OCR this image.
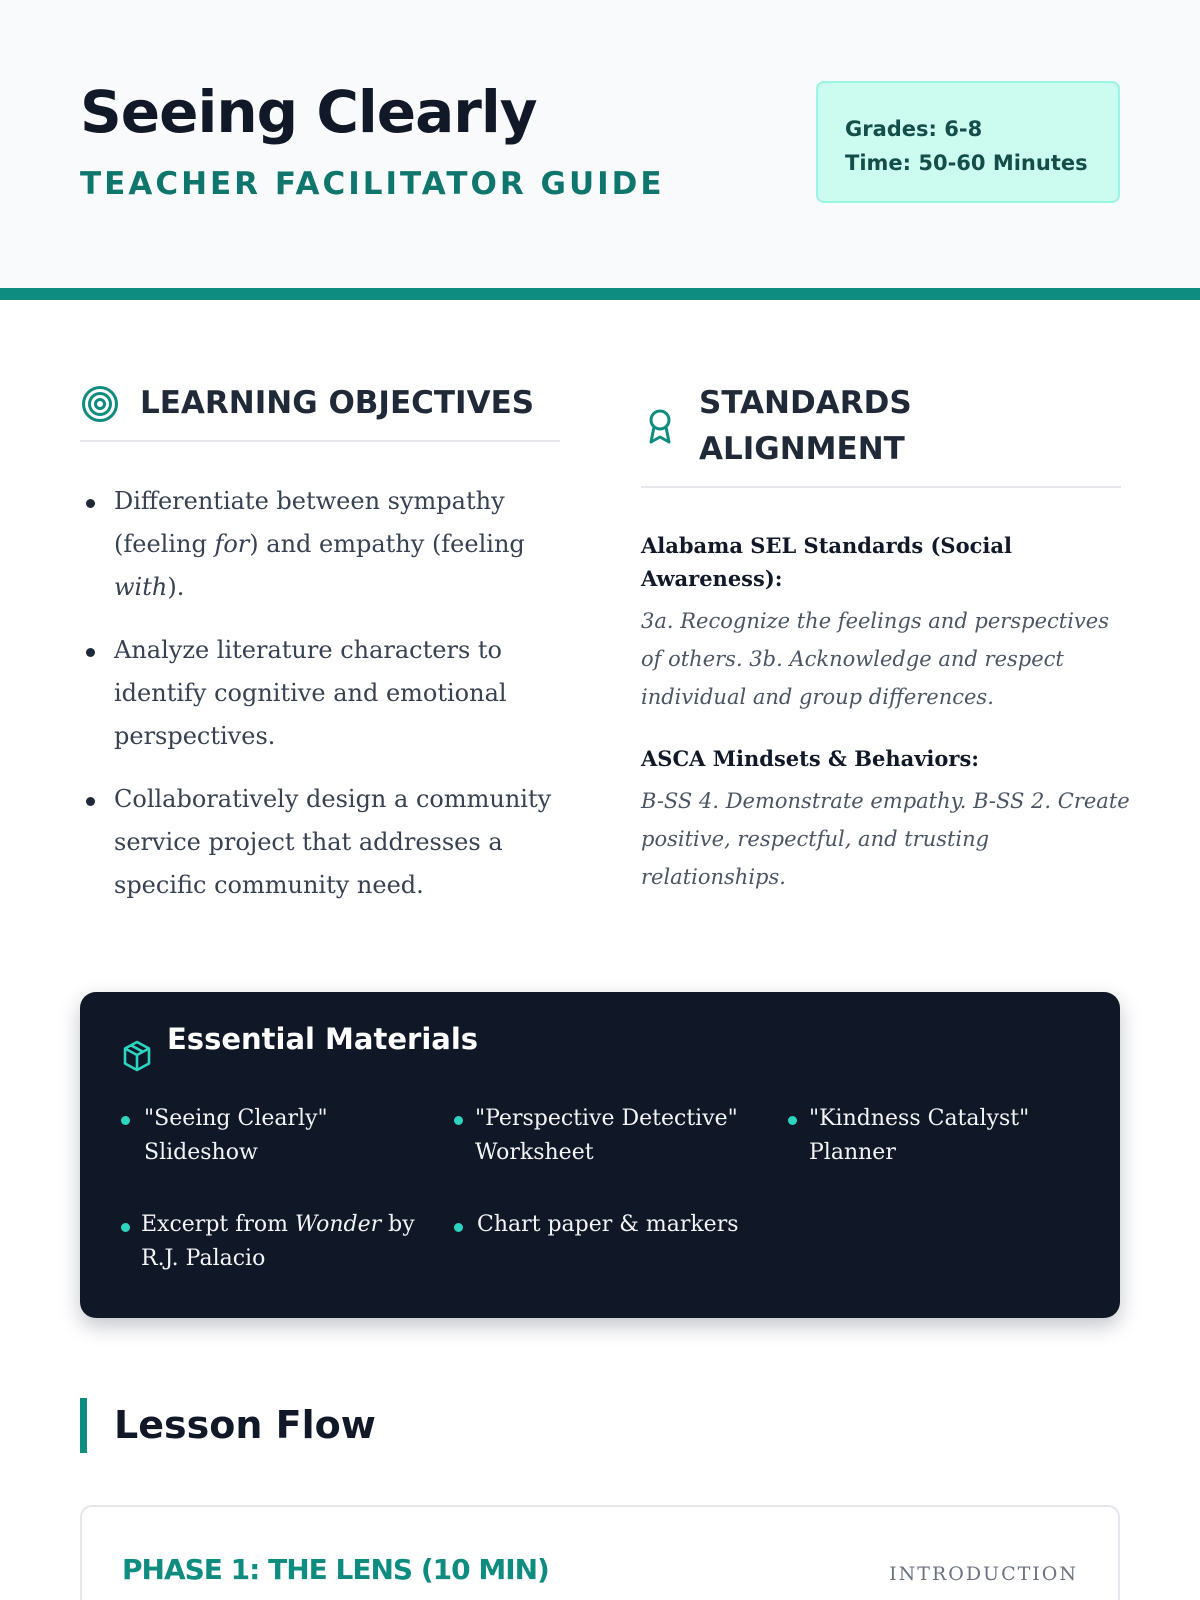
Seeing Clearly
TEACHER FACILITATOR GUIDE
Grades: 6-8
Time: 50-60 Minutes
LEARNING OBJECTIVES
Differentiate between sympathy (feeling for) and empathy (feeling with).
Analyze literature characters to identify cognitive and emotional perspectives.
Collaboratively design a community service project that addresses a specific community need.
STANDARDS
ALIGNMENT
Alabama SEL Standards (Social Awareness):
3a. Recognize the feelings and perspectives of others. 3b. Acknowledge and respect individual and group differences.
ASCA Mindsets & Behaviors:
B-SS 4. Demonstrate empathy. B-SS 2. Create positive, respectful, and trusting relationships.
Essential Materials
"Seeing Clearly" Slideshow
"Perspective Detective" Worksheet
"Kindness Catalyst" Planner
Excerpt from Wonder by R.J. Palacio
Chart paper & markers
Lesson Flow
PHASE 1: THE LENS (10 MIN)	INTRODUCTION
